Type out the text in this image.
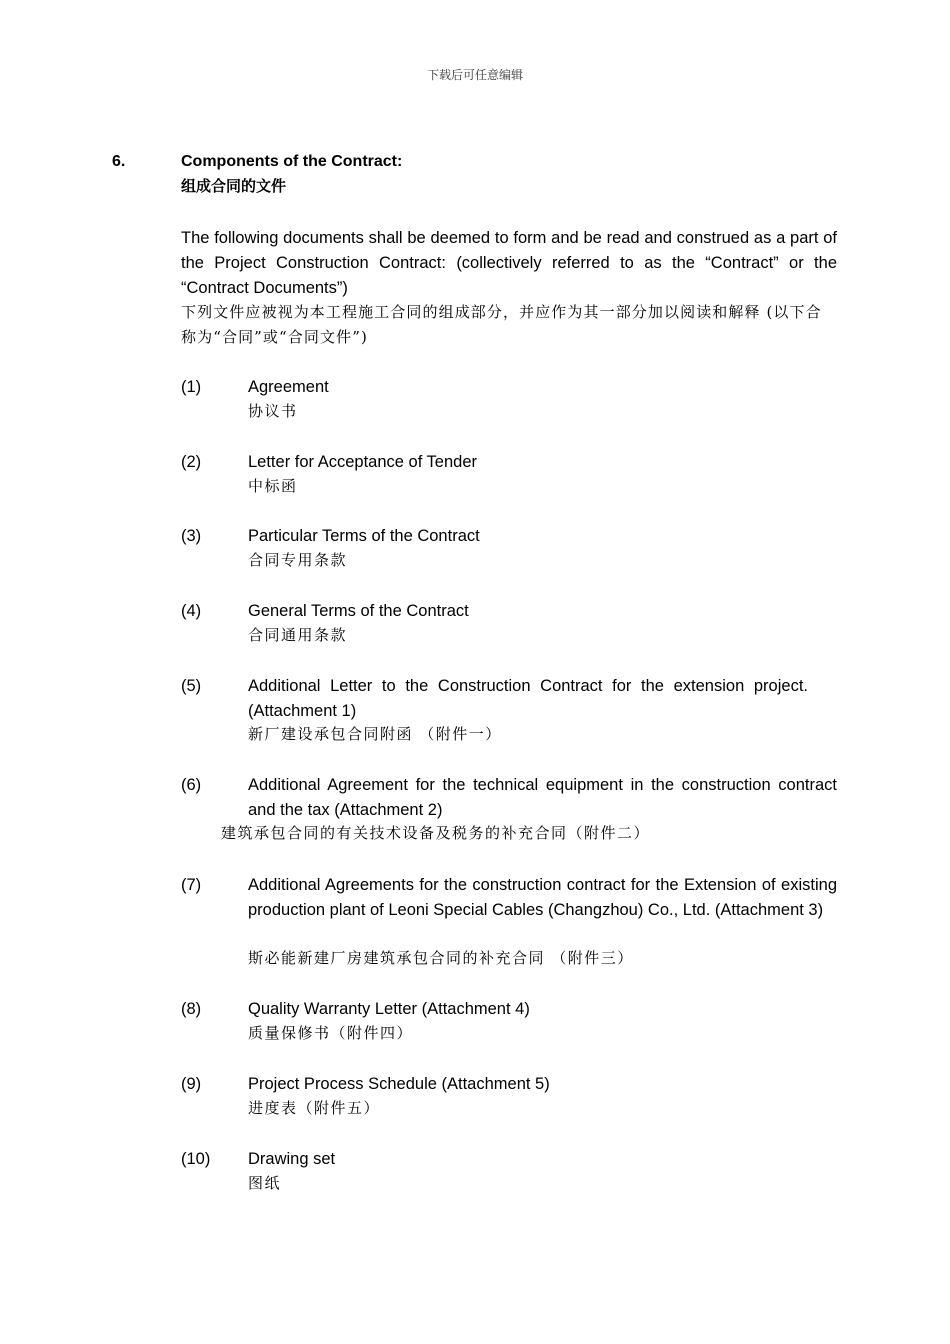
下载后可任意编辑
6.	Components of the Contract:
组成合同的文件
The following documents shall be deemed to form and be read and construed as a part of the Project Construction Contract: (collectively referred to as the “Contract” or the “Contract Documents”)
下列文件应被视为本工程施工合同的组成部分，并应作为其一部分加以阅读和解释 (以下合称为“合同”或“合同文件”)
(1)	Agreement
协议书
(2)	Letter for Acceptance of Tender
中标函
(3)	Particular Terms of the Contract
合同专用条款
(4)	General Terms of the Contract
合同通用条款
(5)	Additional Letter to the Construction Contract for the extension project. (Attachment 1)
新厂建设承包合同附函 （附件一）
(6)	Additional Agreement for the technical equipment in the construction contract and the tax (Attachment 2)
建筑承包合同的有关技术设备及税务的补充合同（附件二）
(7)	Additional Agreements for the construction contract for the Extension of existing production plant of Leoni Special Cables (Changzhou) Co., Ltd. (Attachment 3)
斯必能新建厂房建筑承包合同的补充合同 （附件三）
(8)	Quality Warranty Letter (Attachment 4)
质量保修书（附件四）
(9)	Project Process Schedule (Attachment 5)
进度表（附件五）
(10) Drawing set
图纸
